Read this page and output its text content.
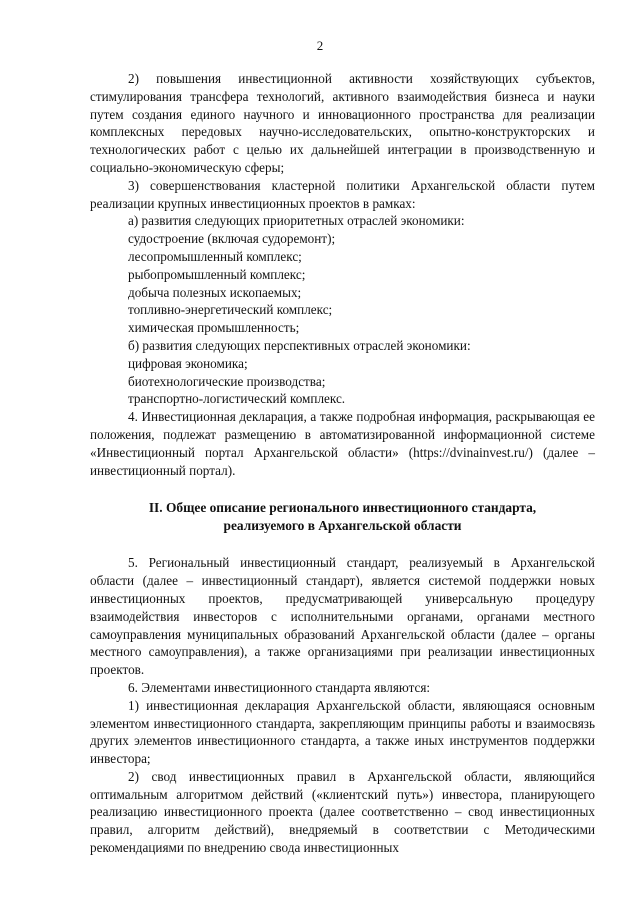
2

2) повышения инвестиционной активности хозяйствующих субъектов, стимулирования трансфера технологий, активного взаимодействия бизнеса и науки путем создания единого научного и инновационного пространства для реализации комплексных передовых научно-исследовательских, опытно-конструкторских и технологических работ с целью их дальнейшей интеграции в производственную и социально-экономическую сферы;

3) совершенствования кластерной политики Архангельской области путем реализации крупных инвестиционных проектов в рамках:

а) развития следующих приоритетных отраслей экономики:

судостроение (включая судоремонт);

лесопромышленный комплекс;

рыбопромышленный комплекс;

добыча полезных ископаемых;

топливно-энергетический комплекс;

химическая промышленность;

б) развития следующих перспективных отраслей экономики:

цифровая экономика;

биотехнологические производства;

транспортно-логистический комплекс.

4. Инвестиционная декларация, а также подробная информация, раскрывающая ее положения, подлежат размещению в автоматизированной информационной системе «Инвестиционный портал Архангельской области» (https://dvinainvest.ru/) (далее – инвестиционный портал).

II. Общее описание регионального инвестиционного стандарта,
реализуемого в Архангельской области

5. Региональный инвестиционный стандарт, реализуемый в Архангельской области (далее – инвестиционный стандарт), является системой поддержки новых инвестиционных проектов, предусматривающей универсальную процедуру взаимодействия инвесторов с исполнительными органами, органами местного самоуправления муниципальных образований Архангельской области (далее – органы местного самоуправления), а также организациями при реализации инвестиционных проектов.

6. Элементами инвестиционного стандарта являются:

1) инвестиционная декларация Архангельской области, являющаяся основным элементом инвестиционного стандарта, закрепляющим принципы работы и взаимосвязь других элементов инвестиционного стандарта, а также иных инструментов поддержки инвестора;

2) свод инвестиционных правил в Архангельской области, являющийся оптимальным алгоритмом действий («клиентский путь») инвестора, планирующего реализацию инвестиционного проекта (далее соответственно – свод инвестиционных правил, алгоритм действий), внедряемый в соответствии с Методическими рекомендациями по внедрению свода инвестиционных
